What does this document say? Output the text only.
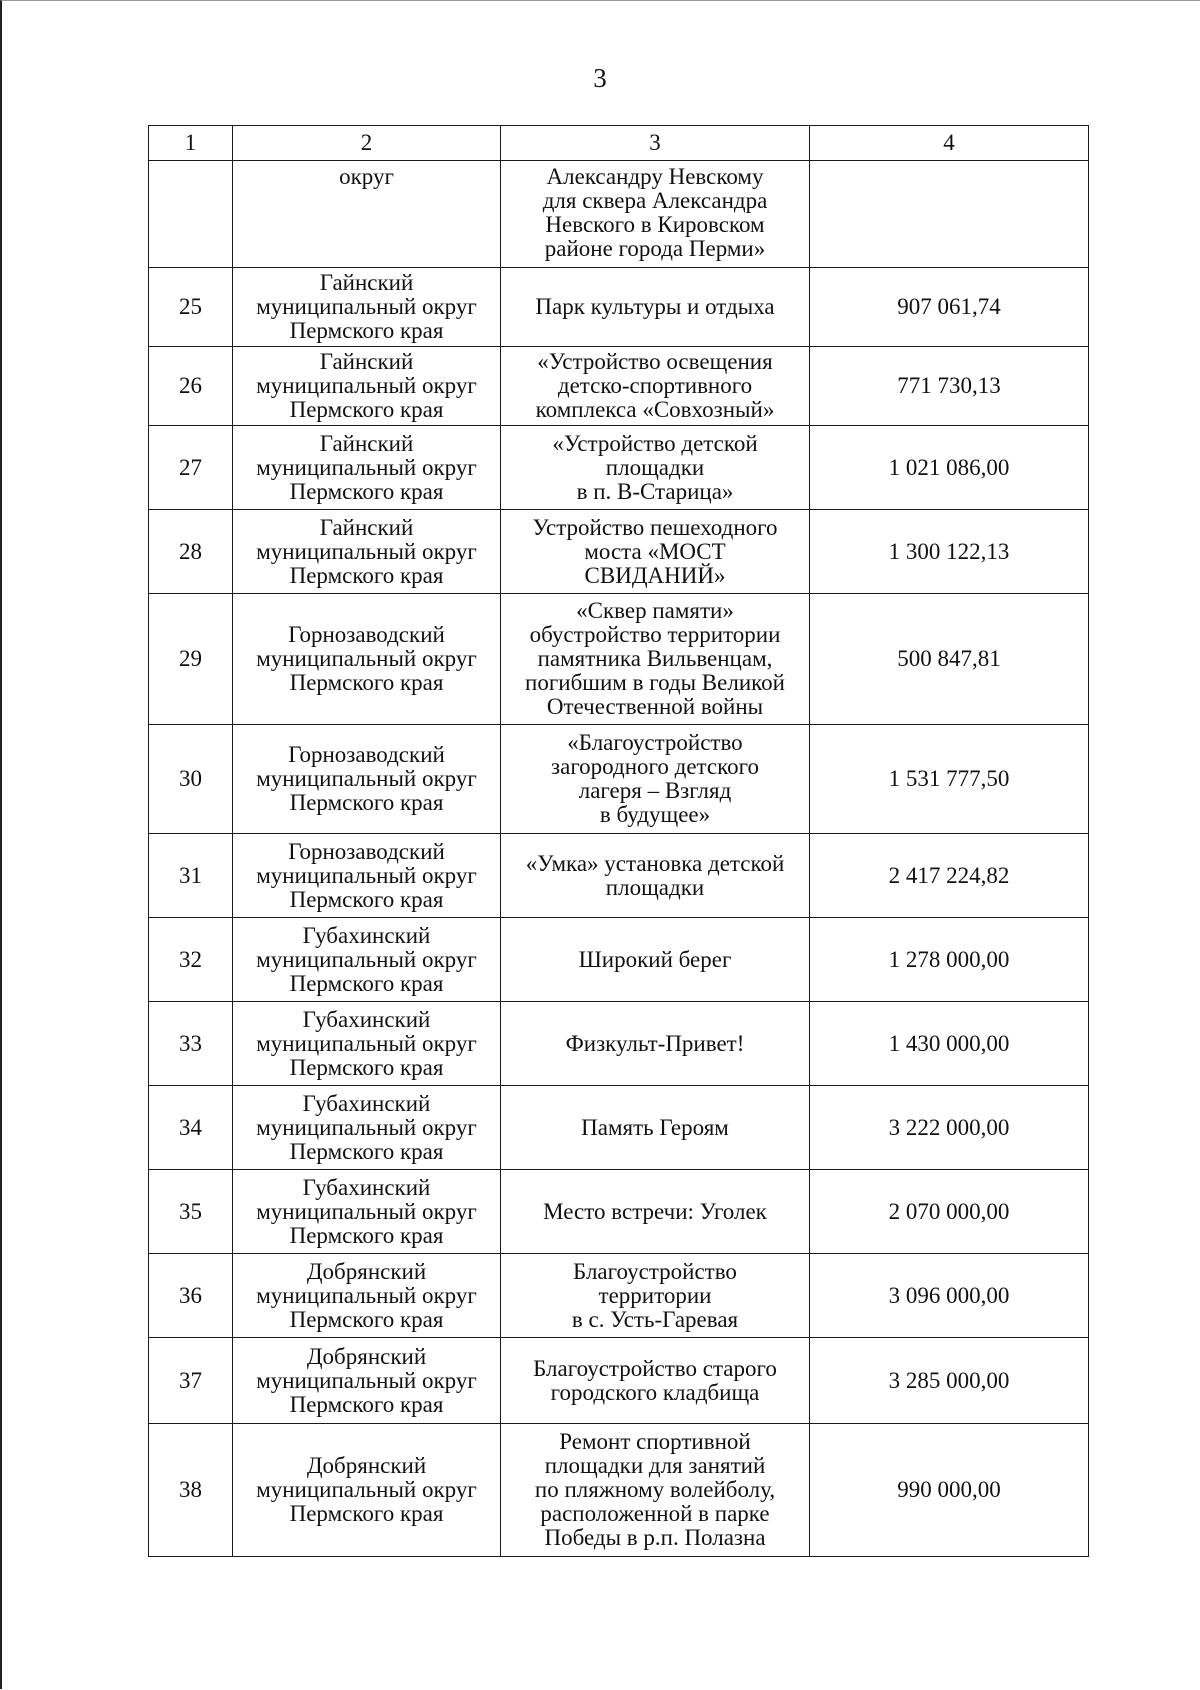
3
1	2	3	4
	округ	Александру Невскому
для сквера Александра
Невского в Кировском
районе города Перми»	
25	Гайнский
муниципальный округ
Пермского края	Парк культуры и отдыха	907 061,74
26	Гайнский
муниципальный округ
Пермского края	«Устройство освещения
детско-спортивного
комплекса «Совхозный»	771 730,13
27	Гайнский
муниципальный округ
Пермского края	«Устройство детской
площадки
в п. В-Старица»	1 021 086,00
28	Гайнский
муниципальный округ
Пермского края	Устройство пешеходного
моста «МОСТ
СВИДАНИЙ»	1 300 122,13
29	Горнозаводский
муниципальный округ
Пермского края	«Сквер памяти»
обустройство территории
памятника Вильвенцам,
погибшим в годы Великой
Отечественной войны	500 847,81
30	Горнозаводский
муниципальный округ
Пермского края	«Благоустройство
загородного детского
лагеря – Взгляд
в будущее»	1 531 777,50
31	Горнозаводский
муниципальный округ
Пермского края	«Умка» установка детской
площадки	2 417 224,82
32	Губахинский
муниципальный округ
Пермского края	Широкий берег	1 278 000,00
33	Губахинский
муниципальный округ
Пермского края	Физкульт-Привет!	1 430 000,00
34	Губахинский
муниципальный округ
Пермского края	Память Героям	3 222 000,00
35	Губахинский
муниципальный округ
Пермского края	Место встречи: Уголек	2 070 000,00
36	Добрянский
муниципальный округ
Пермского края	Благоустройство
территории
в с. Усть-Гаревая	3 096 000,00
37	Добрянский
муниципальный округ
Пермского края	Благоустройство старого
городского кладбища	3 285 000,00
38	Добрянский
муниципальный округ
Пермского края	Ремонт спортивной
площадки для занятий
по пляжному волейболу,
расположенной в парке
Победы в р.п. Полазна	990 000,00
